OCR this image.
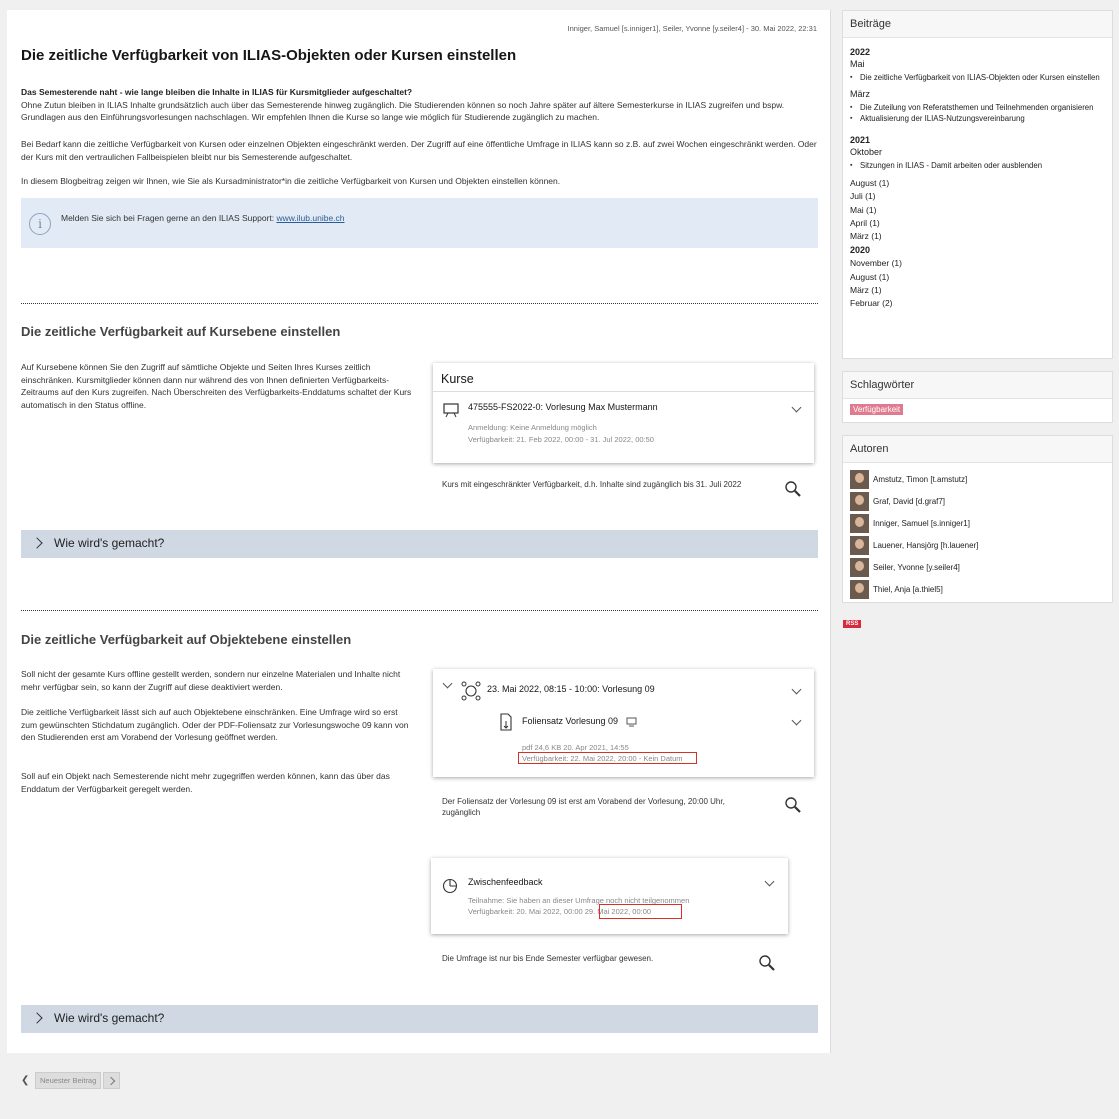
Inniger, Samuel [s.inniger1], Seiler, Yvonne [y.seiler4] - 30. Mai 2022, 22:31
Die zeitliche Verfügbarkeit von ILIAS-Objekten oder Kursen einstellen
Das Semesterende naht - wie lange bleiben die Inhalte in ILIAS für Kursmitglieder aufgeschaltet?
Ohne Zutun bleiben in ILIAS Inhalte grundsätzlich auch über das Semesterende hinweg zugänglich. Die Studierenden können so noch Jahre später auf ältere Semesterkurse in ILIAS zugreifen und bspw. Grundlagen aus den Einführungsvorlesungen nachschlagen. Wir empfehlen Ihnen die Kurse so lange wie möglich für Studierende zugänglich zu machen.
Bei Bedarf kann die zeitliche Verfügbarkeit von Kursen oder einzelnen Objekten eingeschränkt werden. Der Zugriff auf eine öffentliche Umfrage in ILIAS kann so z.B. auf zwei Wochen eingeschränkt werden. Oder der Kurs mit den vertraulichen Fallbeispielen bleibt nur bis Semesterende aufgeschaltet.
In diesem Blogbeitrag zeigen wir Ihnen, wie Sie als Kursadministrator*in die zeitliche Verfügbarkeit von Kursen und Objekten einstellen können.
i	Melden Sie sich bei Fragen gerne an den ILIAS Support: www.ilub.unibe.ch
Die zeitliche Verfügbarkeit auf Kursebene einstellen
Auf Kursebene können Sie den Zugriff auf sämtliche Objekte und Seiten Ihres Kurses zeitlich einschränken. Kursmitglieder können dann nur während des von Ihnen definierten Verfügbarkeits-Zeitraums auf den Kurs zugreifen. Nach Überschreiten des Verfügbarkeits-Enddatums schaltet der Kurs automatisch in den Status offline.
Kurse
475555-FS2022-0: Vorlesung Max Mustermann
Anmeldung: Keine Anmeldung möglich
Verfügbarkeit: 21. Feb 2022, 00:00 - 31. Jul 2022, 00:50
Kurs mit eingeschränkter Verfügbarkeit, d.h. Inhalte sind zugänglich bis 31. Juli 2022
Wie wird's gemacht?
Die zeitliche Verfügbarkeit auf Objektebene einstellen
Soll nicht der gesamte Kurs offline gestellt werden, sondern nur einzelne Materialen und Inhalte nicht mehr verfügbar sein, so kann der Zugriff auf diese deaktiviert werden.
Die zeitliche Verfügbarkeit lässt sich auf auch Objektebene einschränken. Eine Umfrage wird so erst zum gewünschten Stichdatum zugänglich. Oder der PDF-Foliensatz zur Vorlesungswoche 09 kann von den Studierenden erst am Vorabend der Vorlesung geöffnet werden.
Soll auf ein Objekt nach Semesterende nicht mehr zugegriffen werden können, kann das über das Enddatum der Verfügbarkeit geregelt werden.
23. Mai 2022, 08:15 - 10:00: Vorlesung 09
Foliensatz Vorlesung 09
pdf 24,6 KB 20. Apr 2021, 14:55
Verfügbarkeit: 22. Mai 2022, 20:00 - Kein Datum
Der Foliensatz der Vorlesung 09 ist erst am Vorabend der Vorlesung, 20:00 Uhr, zugänglich
Zwischenfeedback
Teilnahme: Sie haben an dieser Umfrage noch nicht teilgenommen
Verfügbarkeit: 20. Mai 2022, 00:00 29. Mai 2022, 00:00
Die Umfrage ist nur bis Ende Semester verfügbar gewesen.
Wie wird's gemacht?
Beiträge
2022
Mai
▪ Die zeitliche Verfügbarkeit von ILIAS-Objekten oder Kursen einstellen
März
▪ Die Zuteilung von Referatsthemen und Teilnehmenden organisieren
▪ Aktualisierung der ILIAS-Nutzungsvereinbarung
2021
Oktober
▪ Sitzungen in ILIAS - Damit arbeiten oder ausblenden
August (1)
Juli (1)
Mai (1)
April (1)
März (1)
2020
November (1)
August (1)
März (1)
Februar (2)
Schlagwörter
Verfügbarkeit
Autoren
Amstutz, Timon [t.amstutz]
Graf, David [d.graf7]
Inniger, Samuel [s.inniger1]
Lauener, Hansjörg [h.lauener]
Seiler, Yvonne [y.seiler4]
Thiel, Anja [a.thiel5]
RSS
❮	Neuester Beitrag
